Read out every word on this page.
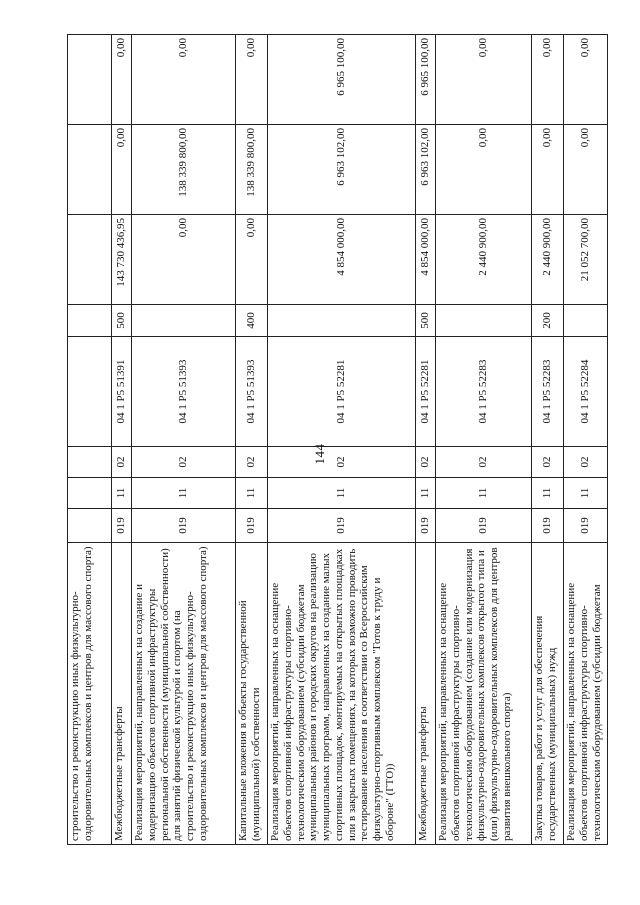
144
строительство и реконструкцию иных физкультурно-оздоровительных комплексов и центров для массового спорта)								
Межбюджетные трансферты	019	11	02	04 1 P5 51391	500	143 730 436,95	0,00	0,00
Реализация мероприятий, направленных на создание и модернизацию объектов спортивной инфраструктуры региональной собственности (муниципальной собственности) для занятий физической культурой и спортом (на строительство и реконструкцию иных физкультурно-оздоровительных комплексов и центров для массового спорта)	019	11	02	04 1 P5 51393		0,00	138 339 800,00	0,00
Капитальные вложения в объекты государственной (муниципальной) собственности	019	11	02	04 1 P5 51393	400	0,00	138 339 800,00	0,00
Реализация мероприятий, направленных на оснащение объектов спортивной инфраструктуры спортивно-технологическим оборудованием (субсидии бюджетам муниципальных районов и городских округов на реализацию муниципальных программ, направленных на создание малых спортивных площадок, монтируемых на открытых площадках или в закрытых помещениях, на которых возможно проводить тестирование населения в соответствии со Всероссийским физкультурно-спортивным комплексом "Готов к труду и обороне" (ГТО))	019	11	02	04 1 P5 52281		4 854 000,00	6 963 102,00	6 965 100,00
Межбюджетные трансферты	019	11	02	04 1 P5 52281	500	4 854 000,00	6 963 102,00	6 965 100,00
Реализация мероприятий, направленных на оснащение объектов спортивной инфраструктуры спортивно-технологическим оборудованием (создание или модернизация физкультурно-оздоровительных комплексов открытого типа и (или) физкультурно-оздоровительных комплексов для центров развития внешкольного спорта)	019	11	02	04 1 P5 52283		2 440 900,00	0,00	0,00
Закупка товаров, работ и услуг для обеспечения государственных (муниципальных) нужд	019	11	02	04 1 P5 52283	200	2 440 900,00	0,00	0,00
Реализация мероприятий, направленных на оснащение объектов спортивной инфраструктуры спортивно-технологическим оборудованием (субсидии бюджетам	019	11	02	04 1 P5 52284		21 052 700,00	0,00	0,00
